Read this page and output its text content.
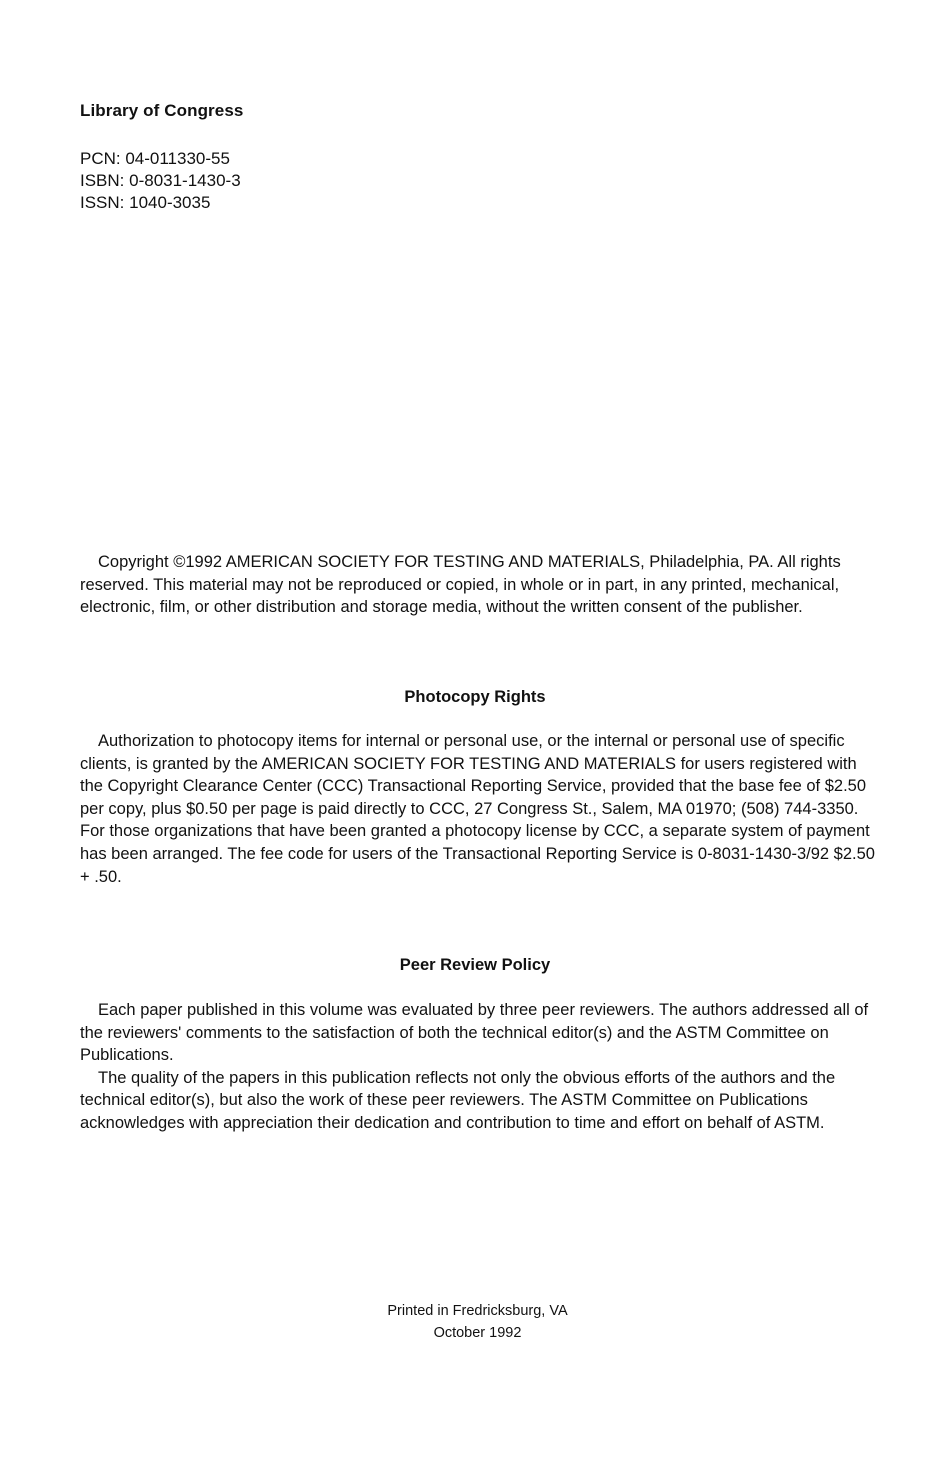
Library of Congress
PCN: 04-011330-55
ISBN: 0-8031-1430-3
ISSN: 1040-3035
Copyright ©1992 AMERICAN SOCIETY FOR TESTING AND MATERIALS, Philadelphia, PA. All rights reserved. This material may not be reproduced or copied, in whole or in part, in any printed, mechanical, electronic, film, or other distribution and storage media, without the written consent of the publisher.
Photocopy Rights

Authorization to photocopy items for internal or personal use, or the internal or personal use of specific clients, is granted by the AMERICAN SOCIETY FOR TESTING AND MATERIALS for users registered with the Copyright Clearance Center (CCC) Transactional Reporting Service, provided that the base fee of $2.50 per copy, plus $0.50 per page is paid directly to CCC, 27 Congress St., Salem, MA 01970; (508) 744-3350. For those organizations that have been granted a photocopy license by CCC, a separate system of payment has been arranged. The fee code for users of the Transactional Reporting Service is 0-8031-1430-3/92 $2.50 + .50.

Peer Review Policy

Each paper published in this volume was evaluated by three peer reviewers. The authors addressed all of the reviewers' comments to the satisfaction of both the technical editor(s) and the ASTM Committee on Publications.

The quality of the papers in this publication reflects not only the obvious efforts of the authors and the technical editor(s), but also the work of these peer reviewers. The ASTM Committee on Publications acknowledges with appreciation their dedication and contribution to time and effort on behalf of ASTM.

Printed in Fredricksburg, VA
October 1992
